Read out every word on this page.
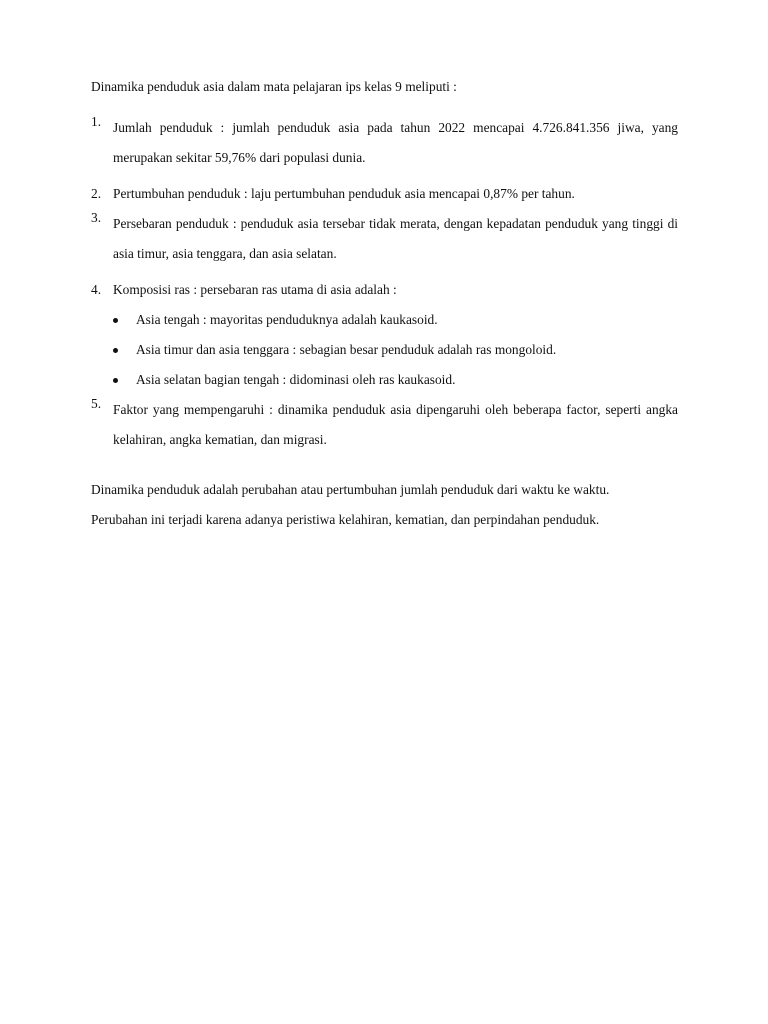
Dinamika penduduk asia dalam mata pelajaran ips kelas 9 meliputi :

1. Jumlah penduduk : jumlah penduduk asia pada tahun 2022 mencapai 4.726.841.356 jiwa, yang merupakan sekitar 59,76% dari populasi dunia.
2. Pertumbuhan penduduk : laju pertumbuhan penduduk asia mencapai 0,87% per tahun.
3. Persebaran penduduk : penduduk asia tersebar tidak merata, dengan kepadatan penduduk yang tinggi di asia timur, asia tenggara, dan asia selatan.
4. Komposisi ras : persebaran ras utama di asia adalah :
Asia tengah : mayoritas penduduknya adalah kaukasoid.
Asia timur dan asia tenggara : sebagian besar penduduk adalah ras mongoloid.
Asia selatan bagian tengah : didominasi oleh ras kaukasoid.
5. Faktor yang mempengaruhi : dinamika penduduk asia dipengaruhi oleh beberapa factor, seperti angka kelahiran, angka kematian, dan migrasi.

Dinamika penduduk adalah perubahan atau pertumbuhan jumlah penduduk dari waktu ke waktu.

Perubahan ini terjadi karena adanya peristiwa kelahiran, kematian, dan perpindahan penduduk.
